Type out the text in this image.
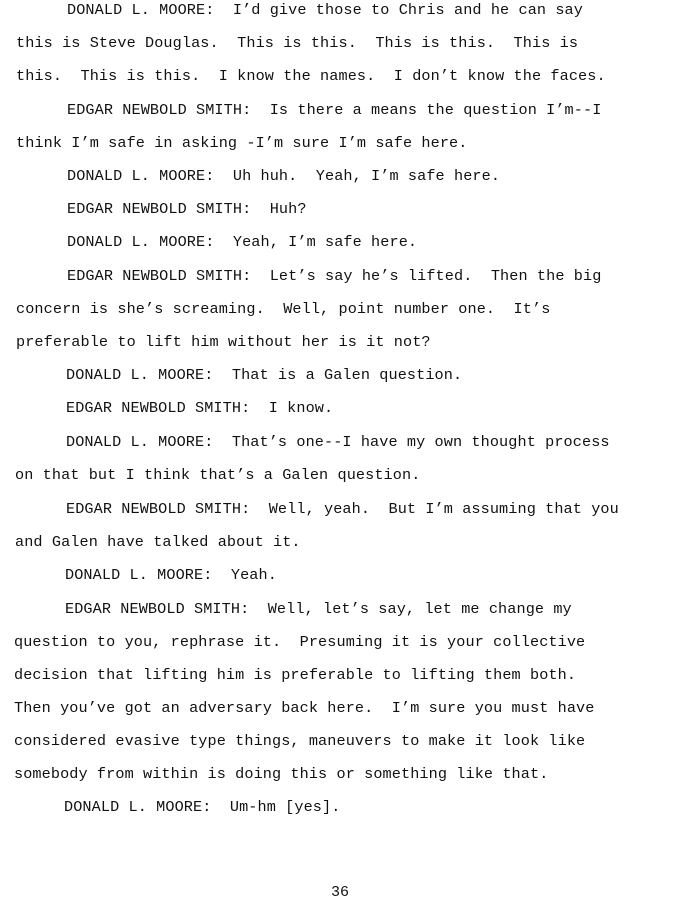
DONALD L. MOORE:  I’d give those to Chris and he can say
this is Steve Douglas.  This is this.  This is this.  This is
this.  This is this.  I know the names.  I don’t know the faces.
EDGAR NEWBOLD SMITH:  Is there a means the question I’m--I
think I’m safe in asking -I’m sure I’m safe here.
DONALD L. MOORE:  Uh huh.  Yeah, I’m safe here.
EDGAR NEWBOLD SMITH:  Huh?
DONALD L. MOORE:  Yeah, I’m safe here.
EDGAR NEWBOLD SMITH:  Let’s say he’s lifted.  Then the big
concern is she’s screaming.  Well, point number one.  It’s
preferable to lift him without her is it not?
DONALD L. MOORE:  That is a Galen question.
EDGAR NEWBOLD SMITH:  I know.
DONALD L. MOORE:  That’s one--I have my own thought process
on that but I think that’s a Galen question.
EDGAR NEWBOLD SMITH:  Well, yeah.  But I’m assuming that you
and Galen have talked about it.
DONALD L. MOORE:  Yeah.
EDGAR NEWBOLD SMITH:  Well, let’s say, let me change my
question to you, rephrase it.  Presuming it is your collective
decision that lifting him is preferable to lifting them both.
Then you’ve got an adversary back here.  I’m sure you must have
considered evasive type things, maneuvers to make it look like
somebody from within is doing this or something like that.
DONALD L. MOORE:  Um-hm [yes].
36
